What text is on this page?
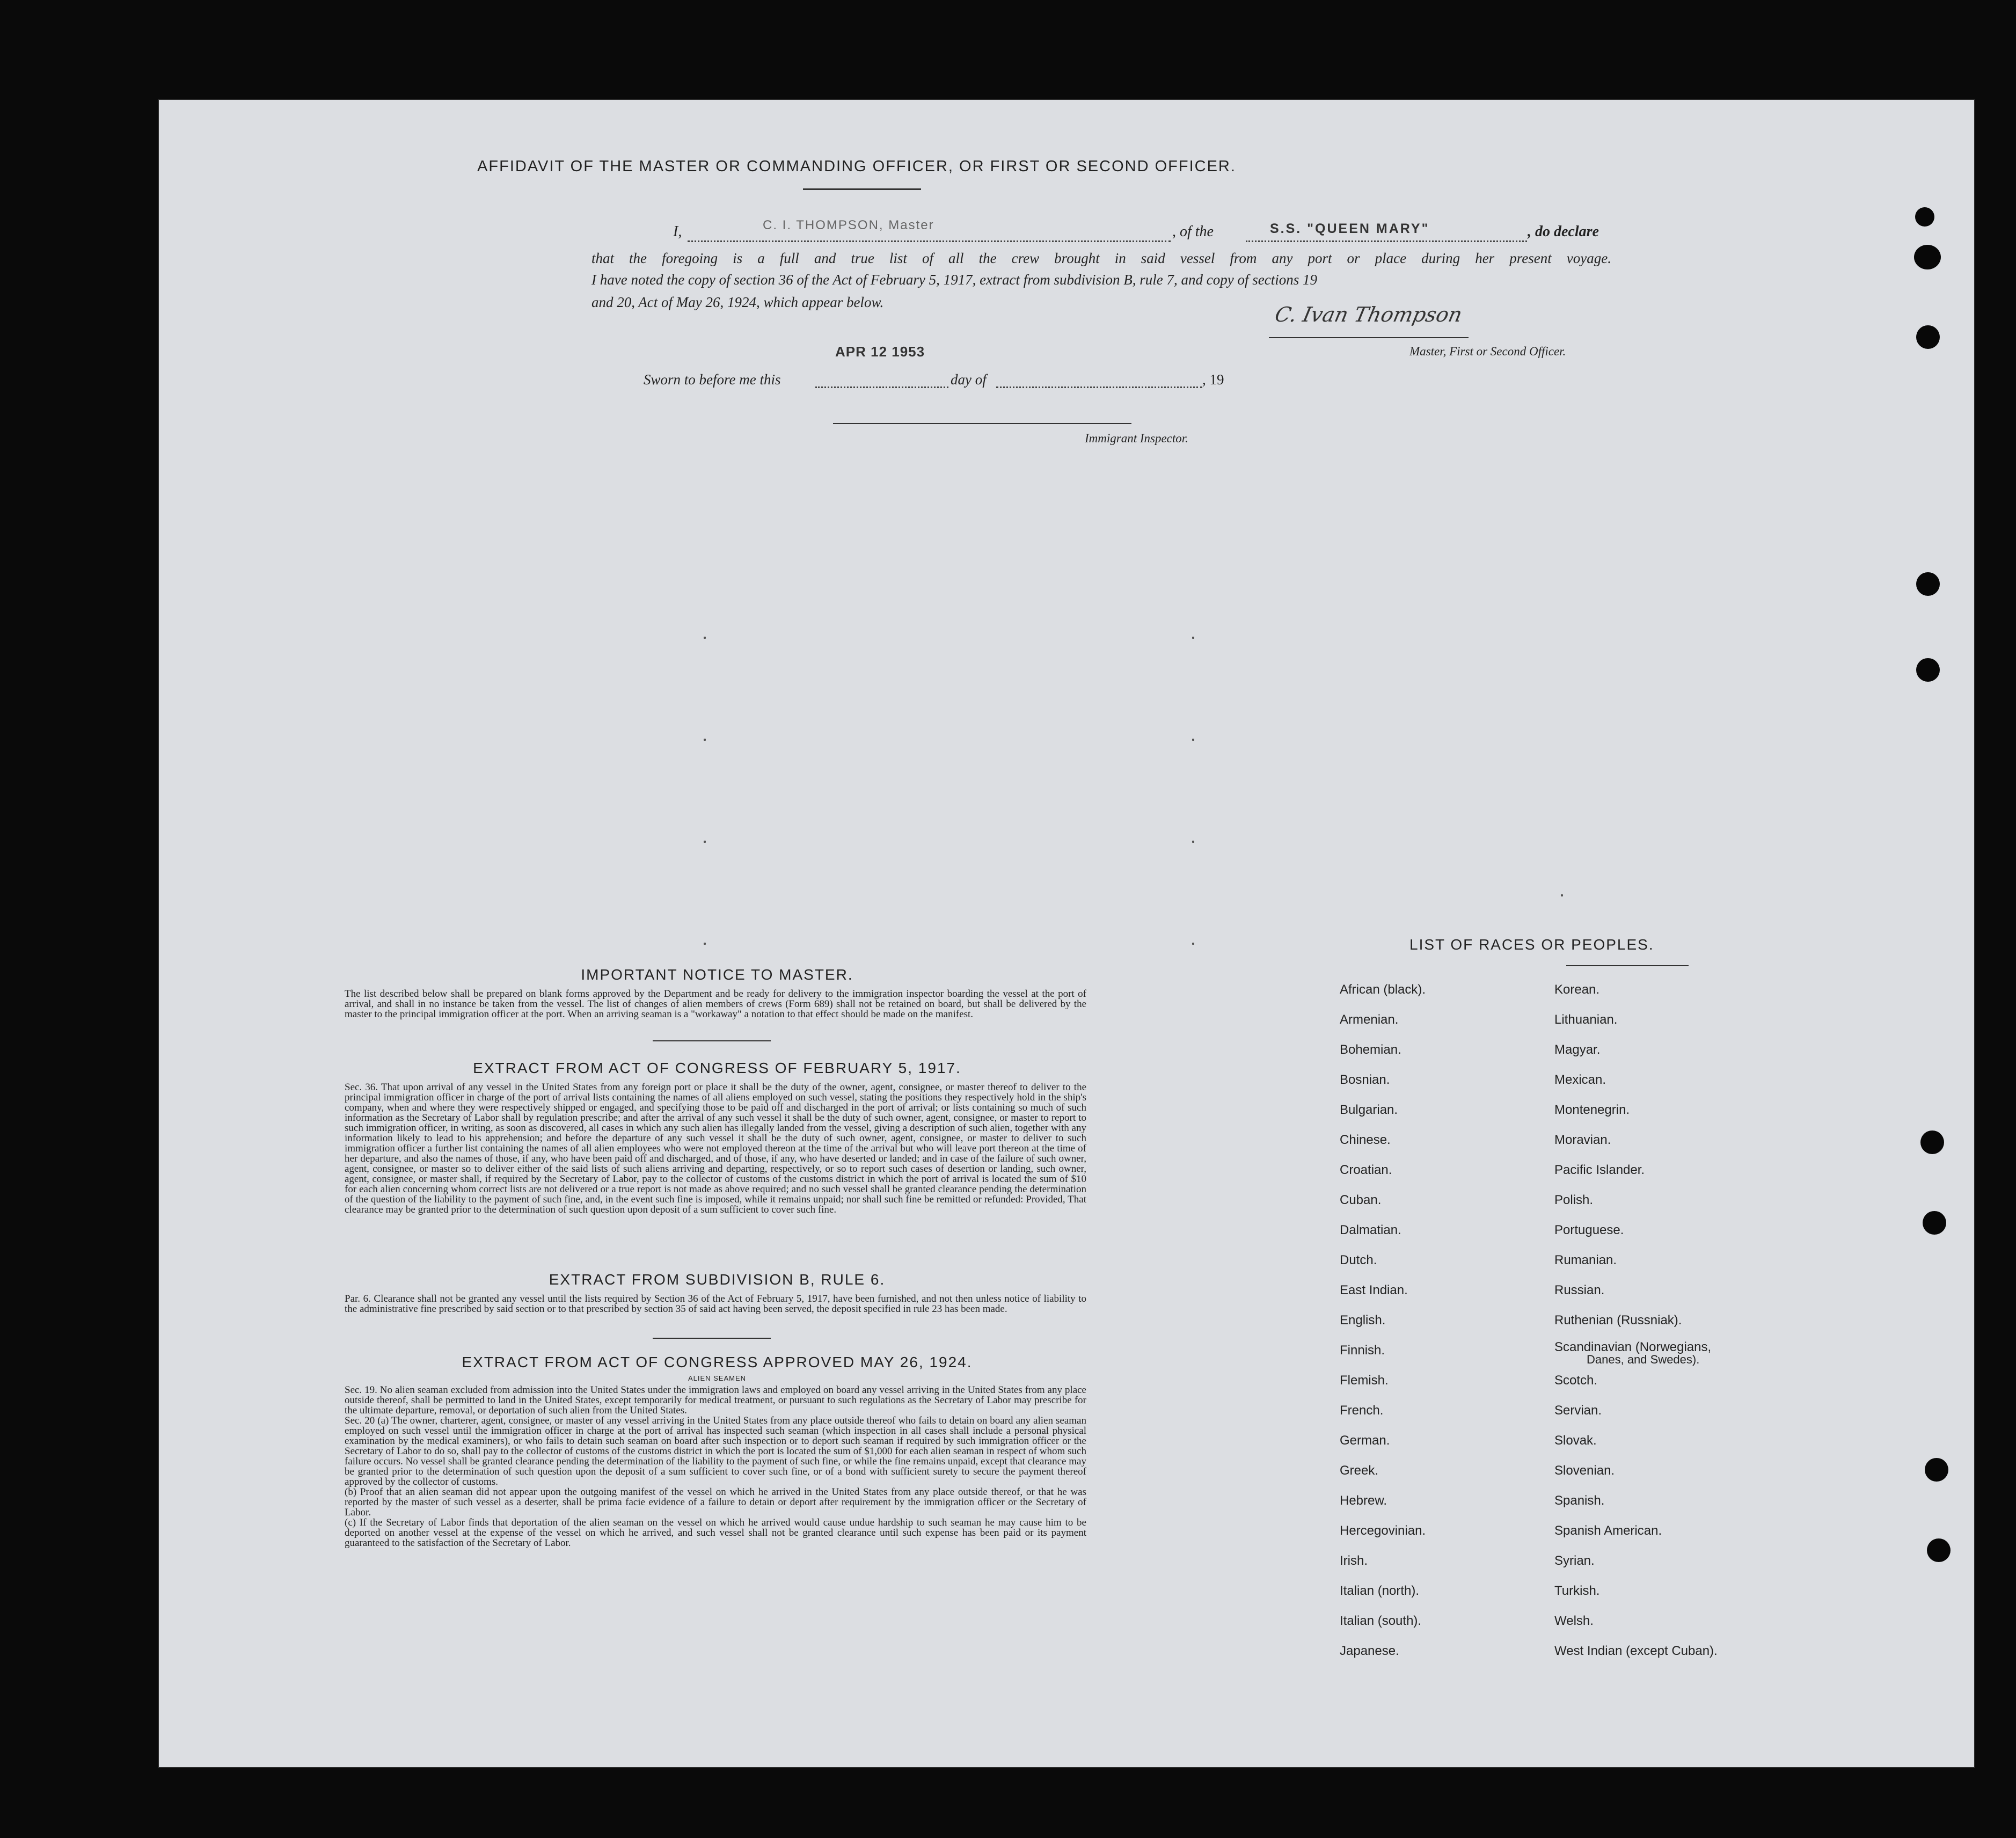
AFFIDAVIT OF THE MASTER OR COMMANDING OFFICER, OR FIRST OR SECOND OFFICER.
I,	C. I. THOMPSON, Master	, of the	S.S. "QUEEN MARY"	, do declare
that the foregoing is a full and true list of all the crew brought in said vessel from any port or place during her present voyage.
I have noted the copy of section 36 of the Act of February 5, 1917, extract from subdivision B, rule 7, and copy of sections 19
and 20, Act of May 26, 1924, which appear below.
C. Ivan Thompson
Master, First or Second Officer.
APR 12 1953
Sworn to before me this	day of	, 19
Immigrant Inspector.
IMPORTANT NOTICE TO MASTER.
The list described below shall be prepared on blank forms approved by the Department and be ready for delivery to the immigration inspector boarding the vessel at the port of arrival, and shall in no instance be taken from the vessel. The list of changes of alien members of crews (Form 689) shall not be retained on board, but shall be delivered by the master to the principal immigration officer at the port. When an arriving seaman is a "workaway" a notation to that effect should be made on the manifest.
EXTRACT FROM ACT OF CONGRESS OF FEBRUARY 5, 1917.
Sec. 36. That upon arrival of any vessel in the United States from any foreign port or place it shall be the duty of the owner, agent, consignee, or master thereof to deliver to the principal immigration officer in charge of the port of arrival lists containing the names of all aliens employed on such vessel, stating the positions they respectively hold in the ship's company, when and where they were respectively shipped or engaged, and specifying those to be paid off and discharged in the port of arrival; or lists containing so much of such information as the Secretary of Labor shall by regulation prescribe; and after the arrival of any such vessel it shall be the duty of such owner, agent, consignee, or master to report to such immigration officer, in writing, as soon as discovered, all cases in which any such alien has illegally landed from the vessel, giving a description of such alien, together with any information likely to lead to his apprehension; and before the departure of any such vessel it shall be the duty of such owner, agent, consignee, or master to deliver to such immigration officer a further list containing the names of all alien employees who were not employed thereon at the time of the arrival but who will leave port thereon at the time of her departure, and also the names of those, if any, who have been paid off and discharged, and of those, if any, who have deserted or landed; and in case of the failure of such owner, agent, consignee, or master so to deliver either of the said lists of such aliens arriving and departing, respectively, or so to report such cases of desertion or landing, such owner, agent, consignee, or master shall, if required by the Secretary of Labor, pay to the collector of customs of the customs district in which the port of arrival is located the sum of $10 for each alien concerning whom correct lists are not delivered or a true report is not made as above required; and no such vessel shall be granted clearance pending the determination of the question of the liability to the payment of such fine, and, in the event such fine is imposed, while it remains unpaid; nor shall such fine be remitted or refunded: Provided, That clearance may be granted prior to the determination of such question upon deposit of a sum sufficient to cover such fine.
EXTRACT FROM SUBDIVISION B, RULE 6.
Par. 6. Clearance shall not be granted any vessel until the lists required by Section 36 of the Act of February 5, 1917, have been furnished, and not then unless notice of liability to the administrative fine prescribed by said section or to that prescribed by section 35 of said act having been served, the deposit specified in rule 23 has been made.
EXTRACT FROM ACT OF CONGRESS APPROVED MAY 26, 1924.
ALIEN SEAMEN
Sec. 19. No alien seaman excluded from admission into the United States under the immigration laws and employed on board any vessel arriving in the United States from any place outside thereof, shall be permitted to land in the United States, except temporarily for medical treatment, or pursuant to such regulations as the Secretary of Labor may prescribe for the ultimate departure, removal, or deportation of such alien from the United States.
Sec. 20 (a) The owner, charterer, agent, consignee, or master of any vessel arriving in the United States from any place outside thereof who fails to detain on board any alien seaman employed on such vessel until the immigration officer in charge at the port of arrival has inspected such seaman (which inspection in all cases shall include a personal physical examination by the medical examiners), or who fails to detain such seaman on board after such inspection or to deport such seaman if required by such immigration officer or the Secretary of Labor to do so, shall pay to the collector of customs of the customs district in which the port is located the sum of $1,000 for each alien seaman in respect of whom such failure occurs. No vessel shall be granted clearance pending the determination of the liability to the payment of such fine, or while the fine remains unpaid, except that clearance may be granted prior to the determination of such question upon the deposit of a sum sufficient to cover such fine, or of a bond with sufficient surety to secure the payment thereof approved by the collector of customs.
(b) Proof that an alien seaman did not appear upon the outgoing manifest of the vessel on which he arrived in the United States from any place outside thereof, or that he was reported by the master of such vessel as a deserter, shall be prima facie evidence of a failure to detain or deport after requirement by the immigration officer or the Secretary of Labor.
(c) If the Secretary of Labor finds that deportation of the alien seaman on the vessel on which he arrived would cause undue hardship to such seaman he may cause him to be deported on another vessel at the expense of the vessel on which he arrived, and such vessel shall not be granted clearance until such expense has been paid or its payment guaranteed to the satisfaction of the Secretary of Labor.
LIST OF RACES OR PEOPLES.
African (black).
Armenian.
Bohemian.
Bosnian.
Bulgarian.
Chinese.
Croatian.
Cuban.
Dalmatian.
Dutch.
East Indian.
English.
Finnish.
Flemish.
French.
German.
Greek.
Hebrew.
Hercegovinian.
Irish.
Italian (north).
Italian (south).
Japanese.
Korean.
Lithuanian.
Magyar.
Mexican.
Montenegrin.
Moravian.
Pacific Islander.
Polish.
Portuguese.
Rumanian.
Russian.
Ruthenian (Russniak).
Scandinavian (Norwegians,
Danes, and Swedes).
Scotch.
Servian.
Slovak.
Slovenian.
Spanish.
Spanish American.
Syrian.
Turkish.
Welsh.
West Indian (except Cuban).
